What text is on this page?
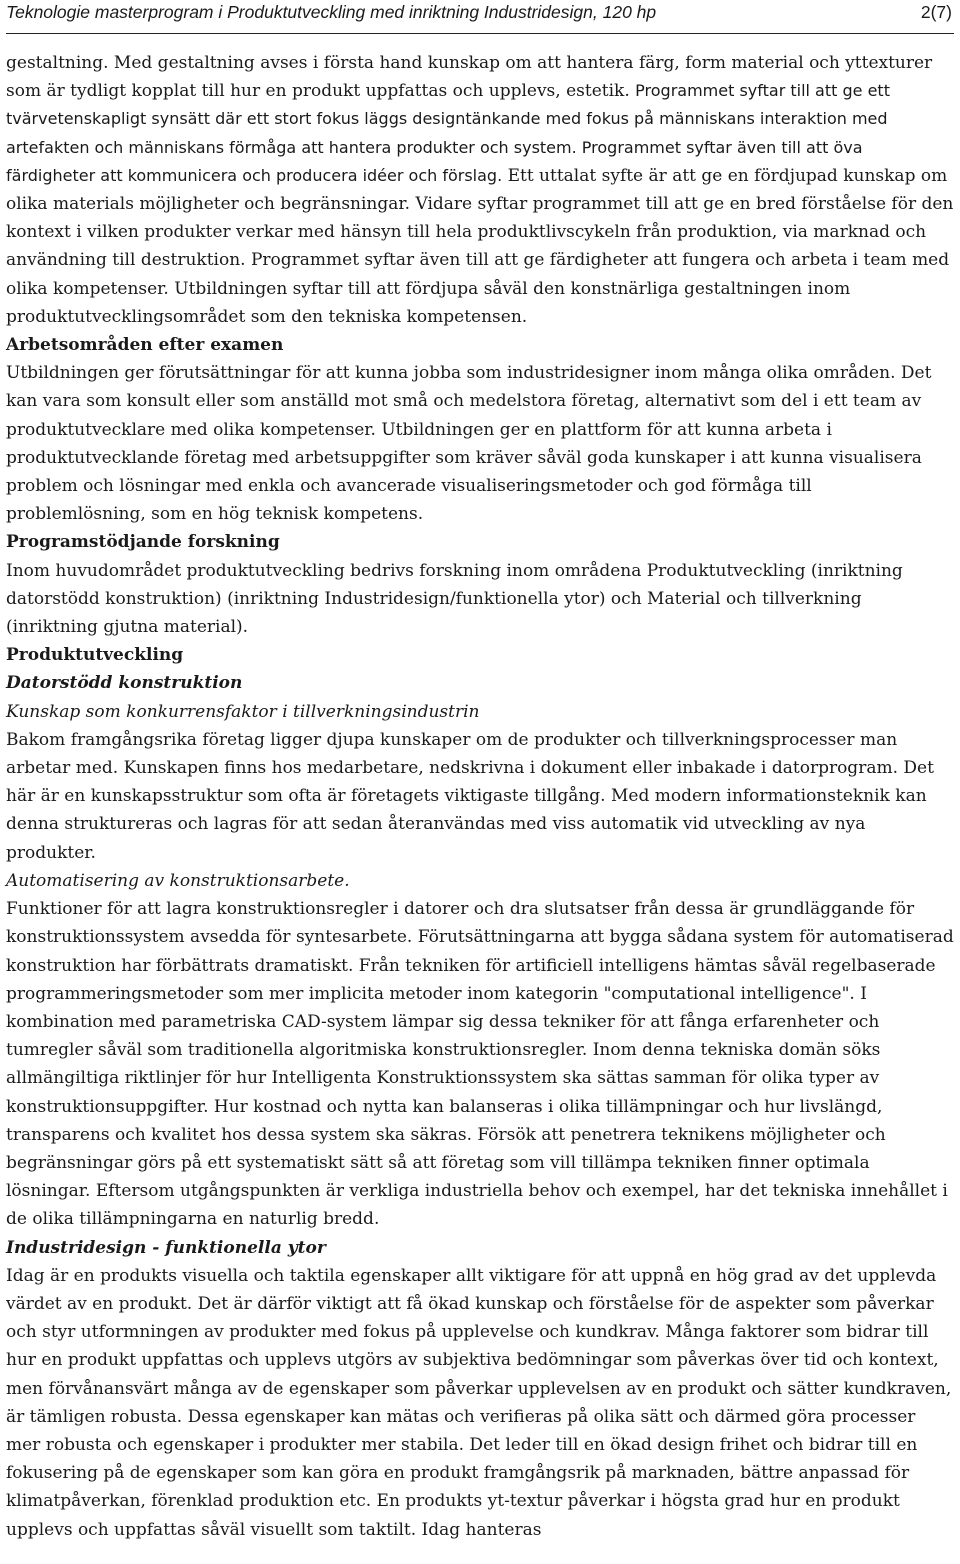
Teknologie masterprogram i Produktutveckling med inriktning Industridesign, 120 hp	2(7)

gestaltning. Med gestaltning avses i första hand kunskap om att hantera färg, form material och yttexturer som är tydligt kopplat till hur en produkt uppfattas och upplevs, estetik. Programmet syftar till att ge ett tvärvetenskapligt synsätt där ett stort fokus läggs designtänkande med fokus på människans interaktion med artefakten och människans förmåga att hantera produkter och system. Programmet syftar även till att öva färdigheter att kommunicera och producera idéer och förslag. Ett uttalat syfte är att ge en fördjupad kunskap om olika materials möjligheter och begränsningar. Vidare syftar programmet till att ge en bred förståelse för den kontext i vilken produkter verkar med hänsyn till hela produktlivscykeln från produktion, via marknad och användning till destruktion. Programmet syftar även till att ge färdigheter att fungera och arbeta i team med olika kompetenser. Utbildningen syftar till att fördjupa såväl den konstnärliga gestaltningen inom produktutvecklingsområdet som den tekniska kompetensen.

Arbetsområden efter examen

Utbildningen ger förutsättningar för att kunna jobba som industridesigner inom många olika områden. Det kan vara som konsult eller som anställd mot små och medelstora företag, alternativt som del i ett team av produktutvecklare med olika kompetenser. Utbildningen ger en plattform för att kunna arbeta i produktutvecklande företag med arbetsuppgifter som kräver såväl goda kunskaper i att kunna visualisera problem och lösningar med enkla och avancerade visualiseringsmetoder och god förmåga till problemlösning, som en hög teknisk kompetens.

Programstödjande forskning

Inom huvudområdet produktutveckling bedrivs forskning inom områdena Produktutveckling (inriktning datorstödd konstruktion) (inriktning Industridesign/funktionella ytor) och Material och tillverkning (inriktning gjutna material).

Produktutveckling

Datorstödd konstruktion

Kunskap som konkurrensfaktor i tillverkningsindustrin

Bakom framgångsrika företag ligger djupa kunskaper om de produkter och tillverkningsprocesser man arbetar med. Kunskapen finns hos medarbetare, nedskrivna i dokument eller inbakade i datorprogram. Det här är en kunskapsstruktur som ofta är företagets viktigaste tillgång. Med modern informationsteknik kan denna struktureras och lagras för att sedan återanvändas med viss automatik vid utveckling av nya produkter.

Automatisering av konstruktionsarbete.

Funktioner för att lagra konstruktionsregler i datorer och dra slutsatser från dessa är grundläggande för konstruktionssystem avsedda för syntesarbete. Förutsättningarna att bygga sådana system för automatiserad konstruktion har förbättrats dramatiskt. Från tekniken för artificiell intelligens hämtas såväl regelbaserade programmeringsmetoder som mer implicita metoder inom kategorin "computational intelligence". I kombination med parametriska CAD-system lämpar sig dessa tekniker för att fånga erfarenheter och tumregler såväl som traditionella algoritmiska konstruktionsregler. Inom denna tekniska domän söks allmängiltiga riktlinjer för hur Intelligenta Konstruktionssystem ska sättas samman för olika typer av konstruktionsuppgifter. Hur kostnad och nytta kan balanseras i olika tillämpningar och hur livslängd, transparens och kvalitet hos dessa system ska säkras. Försök att penetrera teknikens möjligheter och begränsningar görs på ett systematiskt sätt så att företag som vill tillämpa tekniken finner optimala lösningar. Eftersom utgångspunkten är verkliga industriella behov och exempel, har det tekniska innehållet i de olika tillämpningarna en naturlig bredd.

Industridesign - funktionella ytor

Idag är en produkts visuella och taktila egenskaper allt viktigare för att uppnå en hög grad av det upplevda värdet av en produkt. Det är därför viktigt att få ökad kunskap och förståelse för de aspekter som påverkar och styr utformningen av produkter med fokus på upplevelse och kundkrav. Många faktorer som bidrar till hur en produkt uppfattas och upplevs utgörs av subjektiva bedömningar som påverkas över tid och kontext, men förvånansvärt många av de egenskaper som påverkar upplevelsen av en produkt och sätter kundkraven, är tämligen robusta. Dessa egenskaper kan mätas och verifieras på olika sätt och därmed göra processer mer robusta och egenskaper i produkter mer stabila. Det leder till en ökad design frihet och bidrar till en fokusering på de egenskaper som kan göra en produkt framgångsrik på marknaden, bättre anpassad för klimatpåverkan, förenklad produktion etc. En produkts yt-textur påverkar i högsta grad hur en produkt upplevs och uppfattas såväl visuellt som taktilt. Idag hanteras
